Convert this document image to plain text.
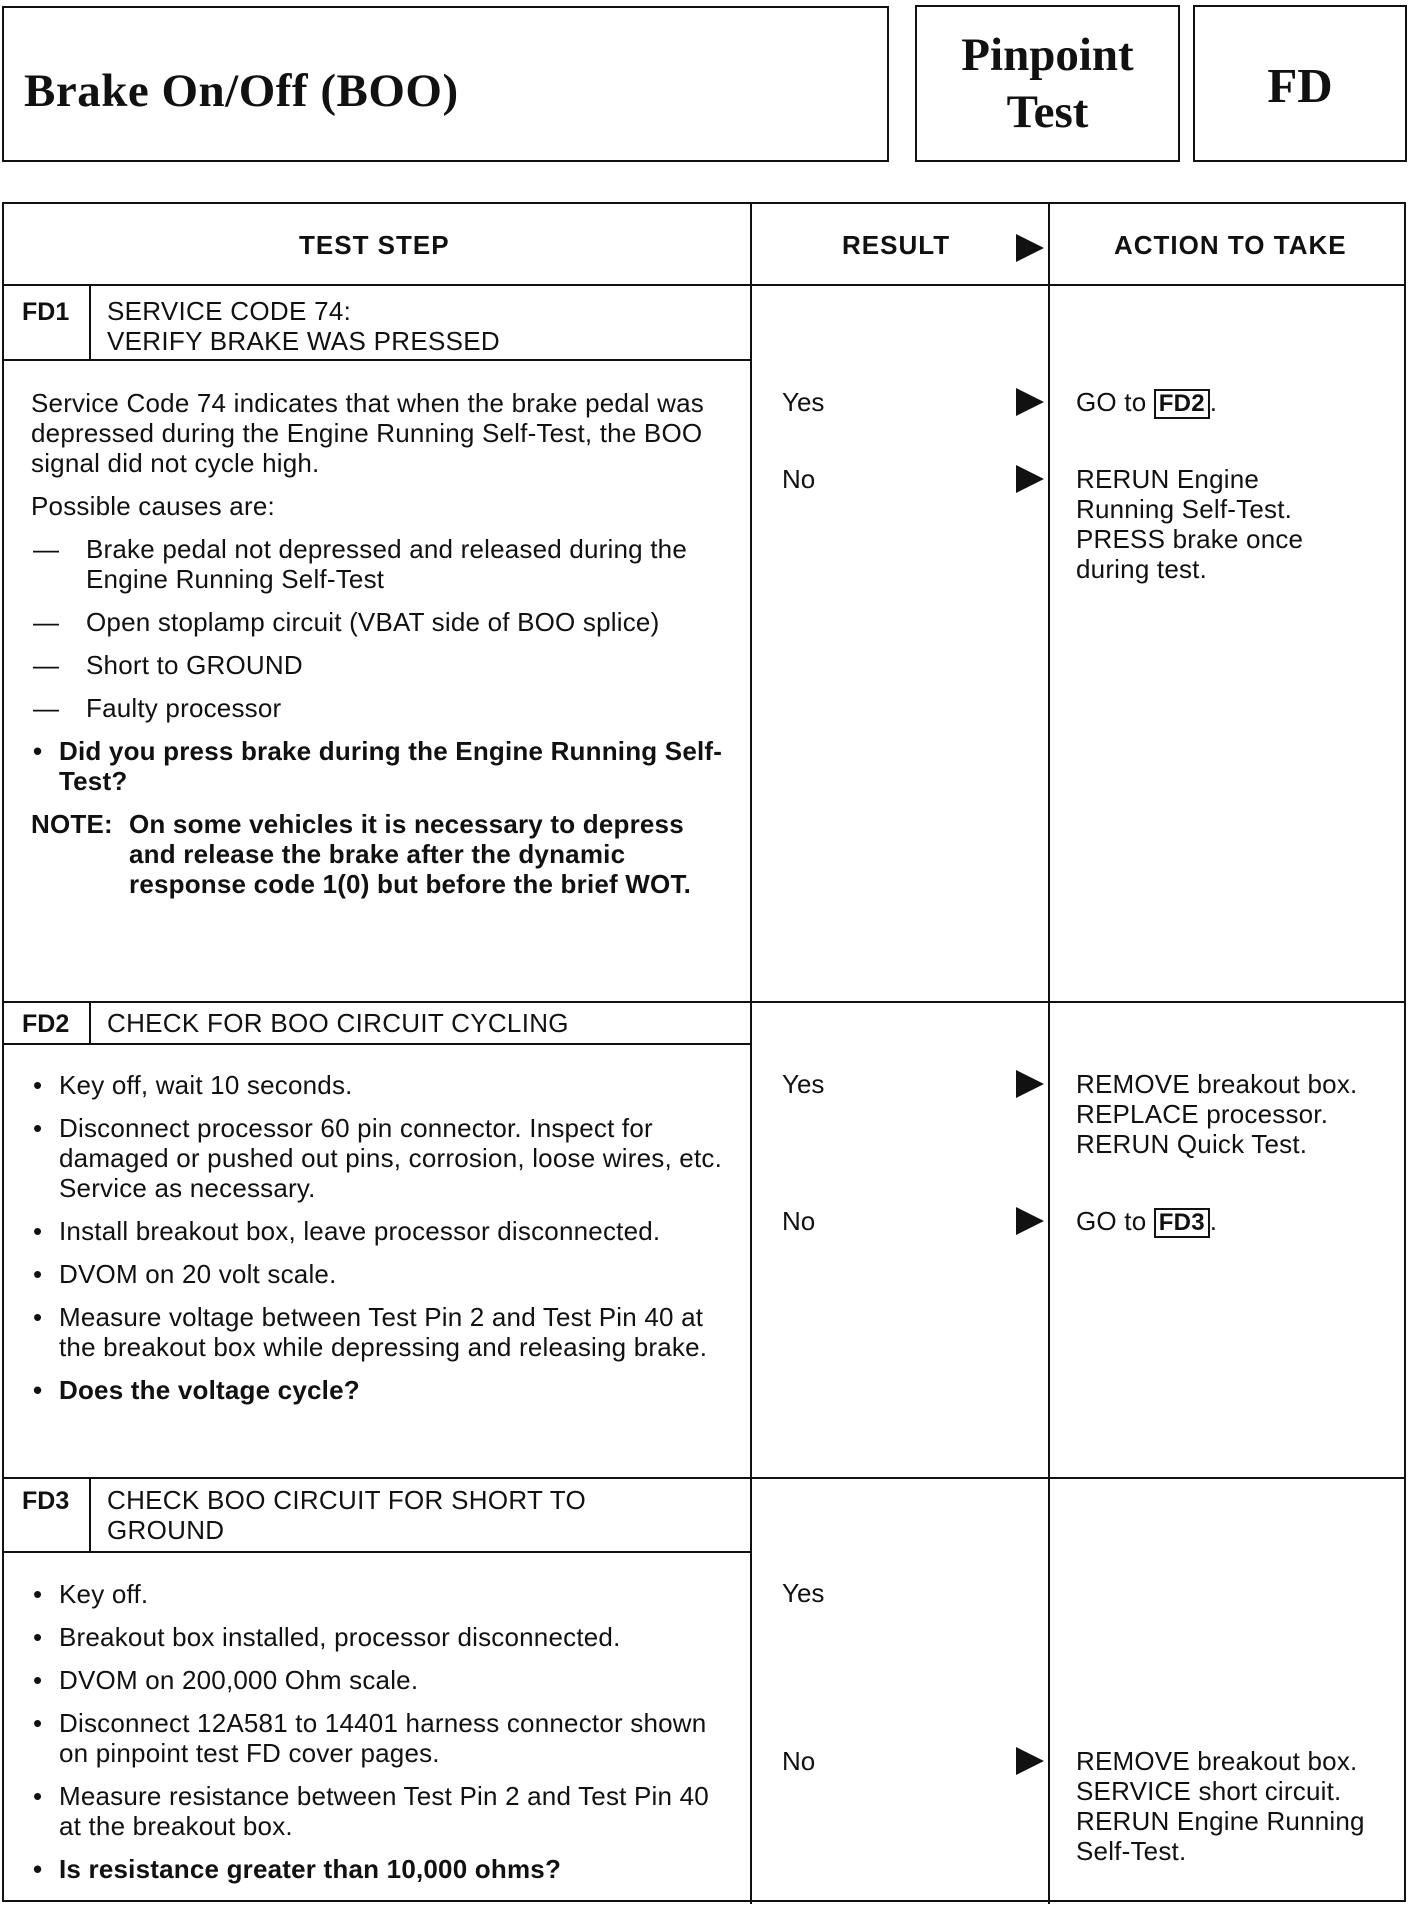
Brake On/Off (BOO)
Pinpoint
Test	FD
TEST STEP	RESULT	ACTION TO TAKE
FD1 SERVICE CODE 74:
VERIFY BRAKE WAS PRESSED

Service Code 74 indicates that when the brake pedal was depressed during the Engine Running Self-Test, the BOO signal did not cycle high.

Possible causes are:

— Brake pedal not depressed and released during the Engine Running Self-Test
— Open stoplamp circuit (VBAT side of BOO splice)
— Short to GROUND
— Faulty processor
• Did you press brake during the Engine Running Self-Test?
NOTE: On some vehicles it is necessary to depress and release the brake after the dynamic response code 1(0) but before the brief WOT.
Yes	GO to FD2 .
No	RERUN Engine Running Self-Test. PRESS brake once during test.
FD2 CHECK FOR BOO CIRCUIT CYCLING
• Key off, wait 10 seconds.
• Disconnect processor 60 pin connector. Inspect for damaged or pushed out pins, corrosion, loose wires, etc. Service as necessary.
• Install breakout box, leave processor disconnected.
• DVOM on 20 volt scale.
• Measure voltage between Test Pin 2 and Test Pin 40 at the breakout box while depressing and releasing brake.
• Does the voltage cycle?
Yes	REMOVE breakout box. REPLACE processor. RERUN Quick Test.
No	GO to FD3 .
FD3 CHECK BOO CIRCUIT FOR SHORT TO
GROUND
• Key off.
• Breakout box installed, processor disconnected.
• DVOM on 200,000 Ohm scale.
• Disconnect 12A581 to 14401 harness connector shown on pinpoint test FD cover pages.
• Measure resistance between Test Pin 2 and Test Pin 40 at the breakout box.
• Is resistance greater than 10,000 ohms?
Yes
No	REMOVE breakout box. SERVICE short circuit. RERUN Engine Running Self-Test.
